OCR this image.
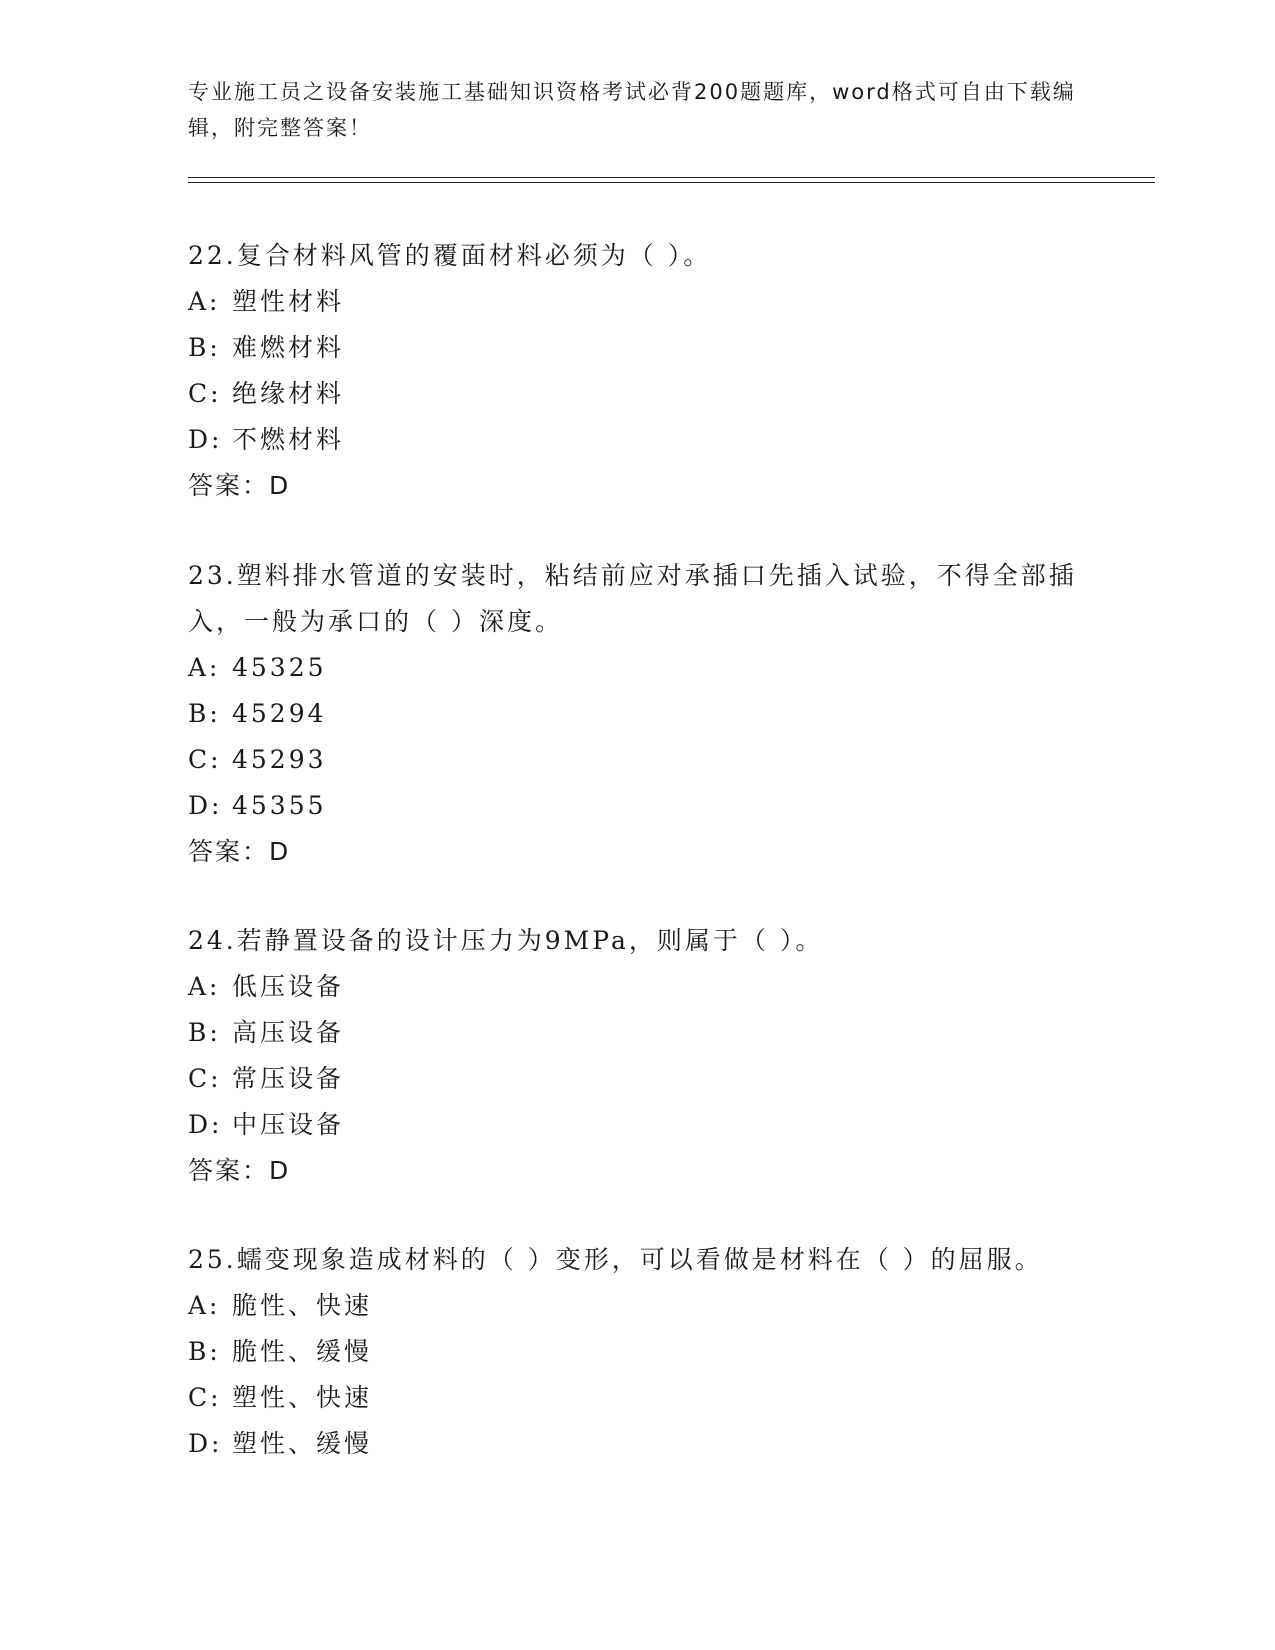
专业施工员之设备安装施工基础知识资格考试必背200题题库，word格式可自由下载编辑，附完整答案！

22.复合材料风管的覆面材料必须为（ ）。

A: 塑性材料

B: 难燃材料

C: 绝缘材料

D: 不燃材料

答案：D

23.塑料排水管道的安装时，粘结前应对承插口先插入试验，不得全部插入，一般为承口的（ ）深度。

A: 45325

B: 45294

C: 45293

D: 45355

答案：D

24.若静置设备的设计压力为9MPa，则属于（ ）。

A: 低压设备

B: 高压设备

C: 常压设备

D: 中压设备

答案：D

25.蠕变现象造成材料的（ ）变形，可以看做是材料在（ ）的屈服。

A: 脆性、快速

B: 脆性、缓慢

C: 塑性、快速

D: 塑性、缓慢
